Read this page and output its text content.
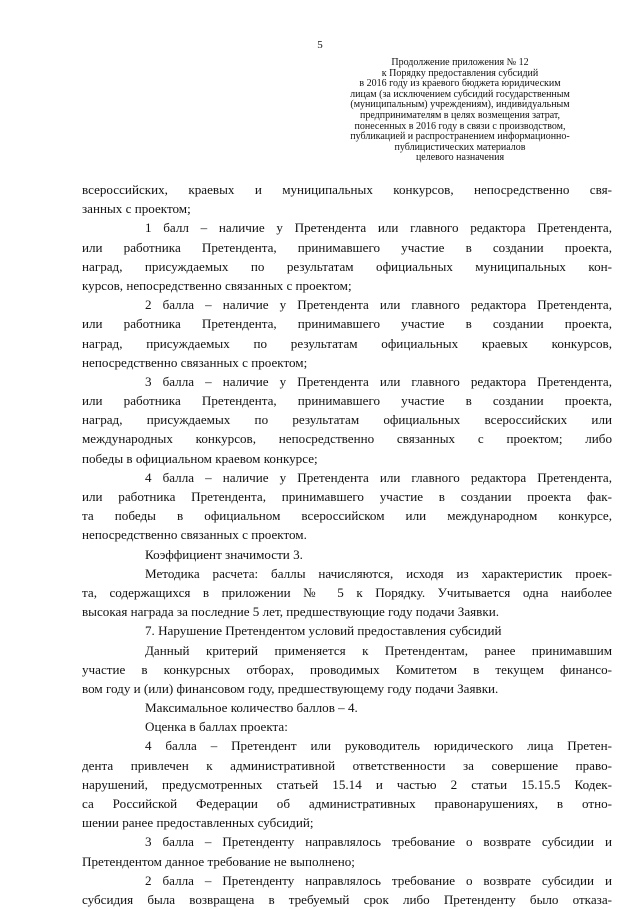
5
Продолжение приложения № 12
к Порядку предоставления субсидий
в 2016 году из краевого бюджета юридическим
лицам (за исключением субсидий государственным
(муниципальным) учреждениям), индивидуальным
предпринимателям в целях возмещения затрат,
понесенных в 2016 году в связи с производством,
публикацией и распространением информационно-
публицистических материалов
целевого назначения
всероссийских, краевых и муниципальных конкурсов, непосредственно свя-
занных с проектом;
1 балл – наличие у Претендента или главного редактора Претендента,
или работника Претендента, принимавшего участие в создании проекта,
наград, присуждаемых по результатам официальных муниципальных кон-
курсов, непосредственно связанных с проектом;
2 балла – наличие у Претендента или главного редактора Претендента,
или работника Претендента, принимавшего участие в создании проекта,
наград, присуждаемых по результатам официальных краевых конкурсов,
непосредственно связанных с проектом;
3 балла – наличие у Претендента или главного редактора Претендента,
или работника Претендента, принимавшего участие в создании проекта,
наград, присуждаемых по результатам официальных всероссийских или
международных конкурсов, непосредственно связанных с проектом; либо
победы в официальном краевом конкурсе;
4 балла – наличие у Претендента или главного редактора Претендента,
или работника Претендента, принимавшего участие в создании проекта фак-
та победы в официальном всероссийском или международном конкурсе,
непосредственно связанных с проектом.
Коэффициент значимости 3.
Методика расчета: баллы начисляются, исходя из характеристик проек-
та, содержащихся в приложении № 5 к Порядку. Учитывается одна наиболее
высокая награда за последние 5 лет, предшествующие году подачи Заявки.
7. Нарушение Претендентом условий предоставления субсидий
Данный критерий применяется к Претендентам, ранее принимавшим
участие в конкурсных отборах, проводимых Комитетом в текущем финансо-
вом году и (или) финансовом году, предшествующему году подачи Заявки.
Максимальное количество баллов – 4.
Оценка в баллах проекта:
4 балла – Претендент или руководитель юридического лица Претен-
дента привлечен к административной ответственности за совершение право-
нарушений, предусмотренных статьей 15.14 и частью 2 статьи 15.15.5 Кодек-
са Российской Федерации об административных правонарушениях, в отно-
шении ранее предоставленных субсидий;
3 балла – Претенденту направлялось требование о возврате субсидии и
Претендентом данное требование не выполнено;
2 балла – Претенденту направлялось требование о возврате субсидии и
субсидия была возвращена в требуемый срок либо Претенденту было отказа-
